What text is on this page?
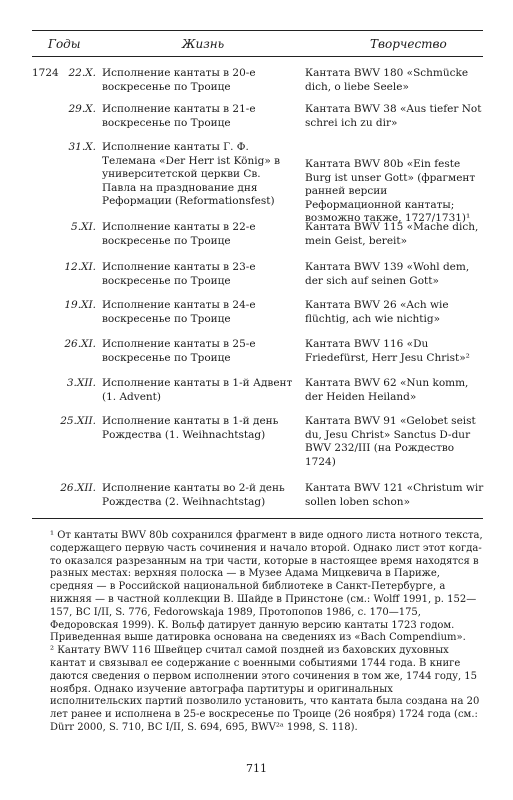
Годы	Жизнь	Творчество
1724 22.X. Исполнение кантаты в 20-е воскресенье по Троице
Кантата BWV 180 «Schmücke dich, o liebe Seele»
29.X. Исполнение кантаты в 21-е воскресенье по Троице
Кантата BWV 38 «Aus tiefer Not schrei ich zu dir»
31.X. Исполнение кантаты Г. Ф. Телемана «Der Herr ist König» в университетской церкви Св. Павла на празднование дня Реформации (Reformationsfest)
Кантата BWV 80b «Ein feste Burg ist unser Gott» (фрагмент ранней версии Реформационной кантаты; возможно также, 1727/1731)¹
5.XI. Исполнение кантаты в 22-е воскресенье по Троице
Кантата BWV 115 «Mache dich, mein Geist, bereit»
12.XI. Исполнение кантаты в 23-е воскресенье по Троице
Кантата BWV 139 «Wohl dem, der sich auf seinen Gott»
19.XI. Исполнение кантаты в 24-е воскресенье по Троице
Кантата BWV 26 «Ach wie flüchtig, ach wie nichtig»
26.XI. Исполнение кантаты в 25-е воскресенье по Троице
Кантата BWV 116 «Du Friedefürst, Herr Jesu Christ»²
3.XII. Исполнение кантаты в 1-й Адвент (1. Advent)
Кантата BWV 62 «Nun komm, der Heiden Heiland»
25.XII. Исполнение кантаты в 1-й день Рождества (1. Weihnachtstag)
Кантата BWV 91 «Gelobet seist du, Jesu Christ» Sanctus D-dur BWV 232/III (на Рождество 1724)
26.XII. Исполнение кантаты во 2-й день Рождества (2. Weihnachtstag)
Кантата BWV 121 «Christum wir sollen loben schon»

¹ От кантаты BWV 80b сохранился фрагмент в виде одного листа нотного текста, содержащего первую часть сочинения и начало второй. Однако лист этот когда-то оказался разрезанным на три части, которые в настоящее время находятся в разных местах: верхняя полоска — в Музее Адама Мицкевича в Париже, средняя — в Российской национальной библиотеке в Санкт-Петербурге, а нижняя — в частной коллекции В. Шайде в Принстоне (см.: Wolff 1991, p. 152—157, BC I/II, S. 776, Fedorowskaja 1989, Протопопов 1986, с. 170—175, Федоровская 1999). К. Вольф датирует данную версию кантаты 1723 годом. Приведенная выше датировка основана на сведениях из «Bach Compendium».

² Кантату BWV 116 Швейцер считал самой поздней из баховских духовных кантат и связывал ее содержание с военными событиями 1744 года. В книге даются сведения о первом исполнении этого сочинения в том же, 1744 году, 15 ноября. Однако изучение автографа партитуры и оригинальных исполнительских партий позволило установить, что кантата была создана на 20 лет ранее и исполнена в 25-е воскресенье по Троице (26 ноября) 1724 года (см.: Dürr 2000, S. 710, BC I/II, S. 694, 695, BWV²ᵃ 1998, S. 118).

711
